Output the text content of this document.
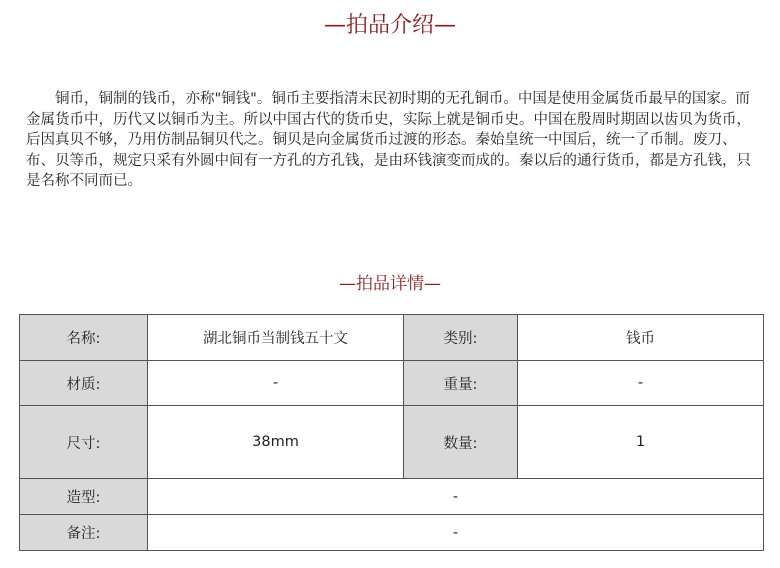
—拍品介绍—

铜币，铜制的钱币，亦称"铜钱"。铜币主要指清末民初时期的无孔铜币。中国是使用金属货币最早的国家。而金属货币中，历代又以铜币为主。所以中国古代的货币史，实际上就是铜币史。中国在殷周时期固以齿贝为货币，后因真贝不够，乃用仿制品铜贝代之。铜贝是向金属货币过渡的形态。秦始皇统一中国后，统一了币制。废刀、布、贝等币，规定只采有外圆中间有一方孔的方孔钱，是由环钱演变而成的。秦以后的通行货币，都是方孔钱，只是名称不同而已。

—拍品详情—
名称:	湖北铜币当制钱五十文	类别:	钱币
材质:	-	重量:	-
尺寸:	38mm	数量:	1
造型:	-		
备注:	-		
